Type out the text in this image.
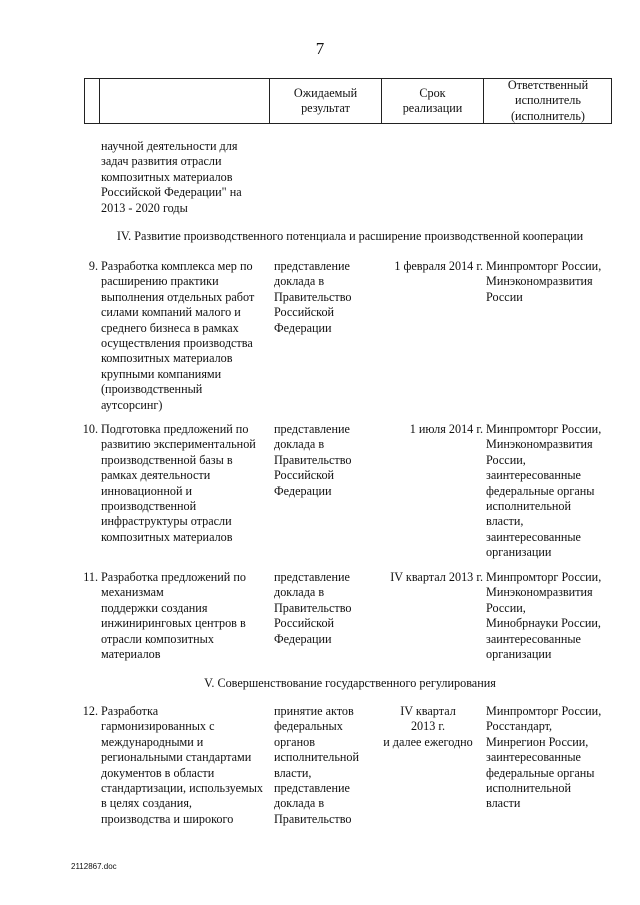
7
Ожидаемый
результат
Срок
реализации
Ответственный
исполнитель
(исполнитель)
научной деятельности для
задач развития отрасли
композитных материалов
Российской Федерации" на
2013 - 2020 годы
IV. Развитие производственного потенциала и расширение производственной кооперации
9. Разработка комплекса мер по
расширению практики
выполнения отдельных работ
силами компаний малого и
среднего бизнеса в рамках
осуществления производства
композитных материалов
крупными компаниями
(производственный
аутсорсинг)
представление
доклада в
Правительство
Российской
Федерации
1 февраля 2014 г. Минпромторг России,
Минэкономразвития
России
10. Подготовка предложений по
развитию экспериментальной
производственной базы в
рамках деятельности
инновационной и
производственной
инфраструктуры отрасли
композитных материалов
представление
доклада в
Правительство
Российской
Федерации
1 июля 2014 г. Минпромторг России,
Минэкономразвития
России,
заинтересованные
федеральные органы
исполнительной
власти,
заинтересованные
организации
11. Разработка предложений по
механизмам
поддержки создания
инжиниринговых центров в
отрасли композитных
материалов
представление
доклада в
Правительство
Российской
Федерации
IV квартал 2013 г. Минпромторг России,
Минэкономразвития
России,
Минобрнауки России,
заинтересованные
организации
V. Совершенствование государственного регулирования
12. Разработка
гармонизированных с
международными и
региональными стандартами
документов в области
стандартизации, используемых
в целях создания,
производства и широкого
принятие актов
федеральных
органов
исполнительной
власти,
представление
доклада в
Правительство
IV квартал
2013 г.
и далее ежегодно
Минпромторг России,
Росстандарт,
Минрегион России,
заинтересованные
федеральные органы
исполнительной
власти
2112867.doc
